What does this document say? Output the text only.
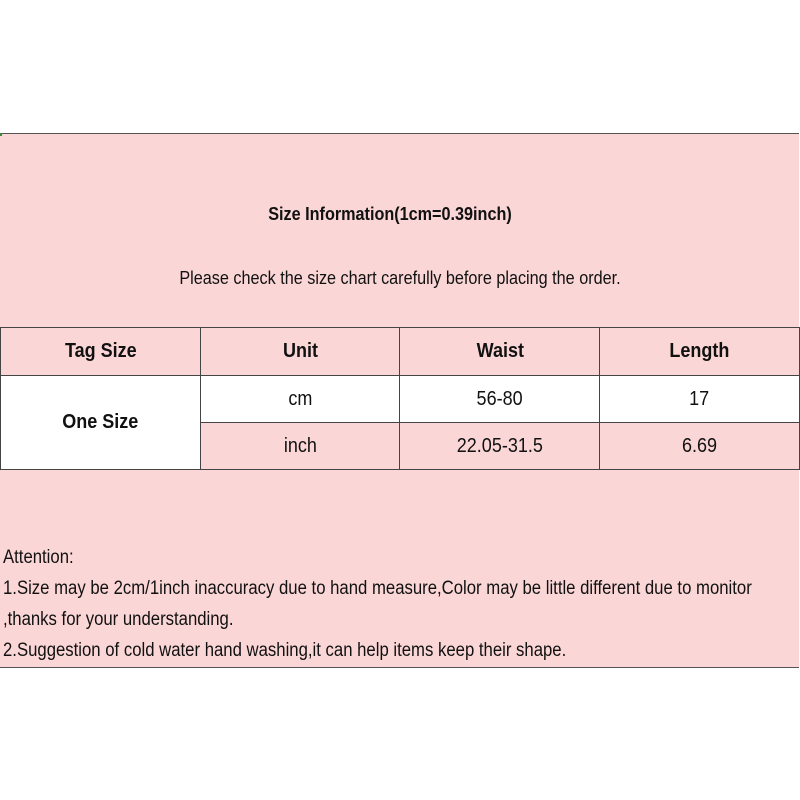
Size Information(1cm=0.39inch)
Please check the size chart carefully before placing the order.
Tag Size	Unit	Waist	Length
One Size	cm	56-80	17
	inch	22.05-31.5	6.69
Attention:
1.Size may be 2cm/1inch inaccuracy due to hand measure,Color may be little different due to monitor
,thanks for your understanding.
2.Suggestion of cold water hand washing,it can help items keep their shape.
